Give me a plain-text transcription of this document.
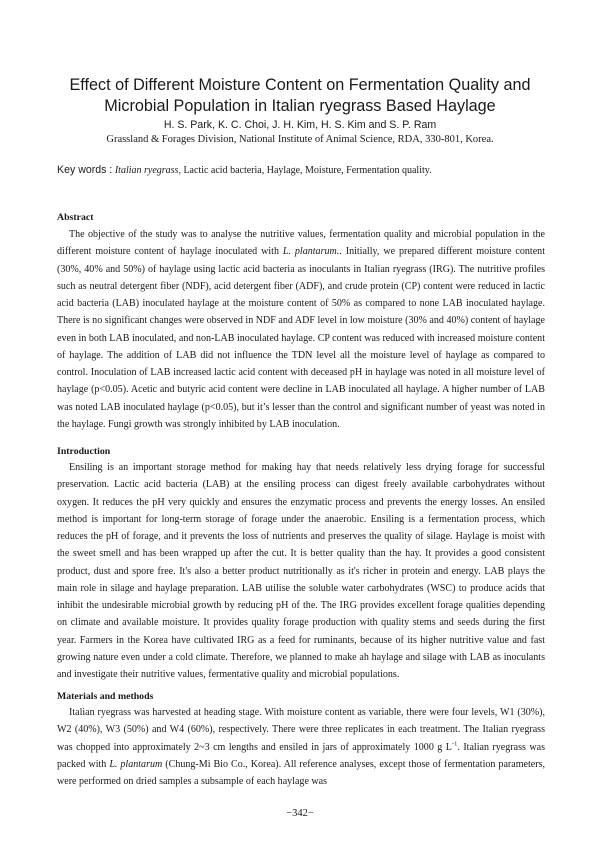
Effect of Different Moisture Content on Fermentation Quality and
Microbial Population in Italian ryegrass Based Haylage
H. S. Park, K. C. Choi, J. H. Kim, H. S. Kim and S. P. Ram
Grassland & Forages Division, National Institute of Animal Science, RDA, 330-801, Korea.
Key words : Italian ryegrass, Lactic acid bacteria, Haylage, Moisture, Fermentation quality.
Abstract

The objective of the study was to analyse the nutritive values, fermentation quality and microbial population in the different moisture content of haylage inoculated with L. plantarum.. Initially, we prepared different moisture content (30%, 40% and 50%) of haylage using lactic acid bacteria as inoculants in Italian ryegrass (IRG). The nutritive profiles such as neutral detergent fiber (NDF), acid detergent fiber (ADF), and crude protein (CP) content were reduced in lactic acid bacteria (LAB) inoculated haylage at the moisture content of 50% as compared to none LAB inoculated haylage. There is no significant changes were observed in NDF and ADF level in low moisture (30% and 40%) content of haylage even in both LAB inoculated, and non-LAB inoculated haylage. CP content was reduced with increased moisture content of haylage. The addition of LAB did not influence the TDN level all the moisture level of haylage as compared to control. Inoculation of LAB increased lactic acid content with deceased pH in haylage was noted in all moisture level of haylage (p<0.05). Acetic and butyric acid content were decline in LAB inoculated all haylage. A higher number of LAB was noted LAB inoculated haylage (p<0.05), but it’s lesser than the control and significant number of yeast was noted in the haylage. Fungi growth was strongly inhibited by LAB inoculation.

Introduction

Ensiling is an important storage method for making hay that needs relatively less drying forage for successful preservation. Lactic acid bacteria (LAB) at the ensiling process can digest freely available carbohydrates without oxygen. It reduces the pH very quickly and ensures the enzymatic process and prevents the energy losses. An ensiled method is important for long-term storage of forage under the anaerobic. Ensiling is a fermentation process, which reduces the pH of forage, and it prevents the loss of nutrients and preserves the quality of silage. Haylage is moist with the sweet smell and has been wrapped up after the cut. It is better quality than the hay. It provides a good consistent product, dust and spore free. It's also a better product nutritionally as it's richer in protein and energy. LAB plays the main role in silage and haylage preparation. LAB utilise the soluble water carbohydrates (WSC) to produce acids that inhibit the undesirable microbial growth by reducing pH of the. The IRG provides excellent forage qualities depending on climate and available moisture. It provides quality forage production with quality stems and seeds during the first year. Farmers in the Korea have cultivated IRG as a feed for ruminants, because of its higher nutritive value and fast growing nature even under a cold climate. Therefore, we planned to make ah haylage and silage with LAB as inoculants and investigate their nutritive values, fermentative quality and microbial populations.

Materials and methods

Italian ryegrass was harvested at heading stage. With moisture content as variable, there were four levels, W1 (30%), W2 (40%), W3 (50%) and W4 (60%), respectively. There were three replicates in each treatment. The Italian ryegrass was chopped into approximately 2~3 cm lengths and ensiled in jars of approximately 1000 g $L^{-1}$. Italian ryegrass was packed with L. plantarum (Chung-Mi Bio Co., Korea). All reference analyses, except those of fermentation parameters, were performed on dried samples a subsample of each haylage was

−342−
